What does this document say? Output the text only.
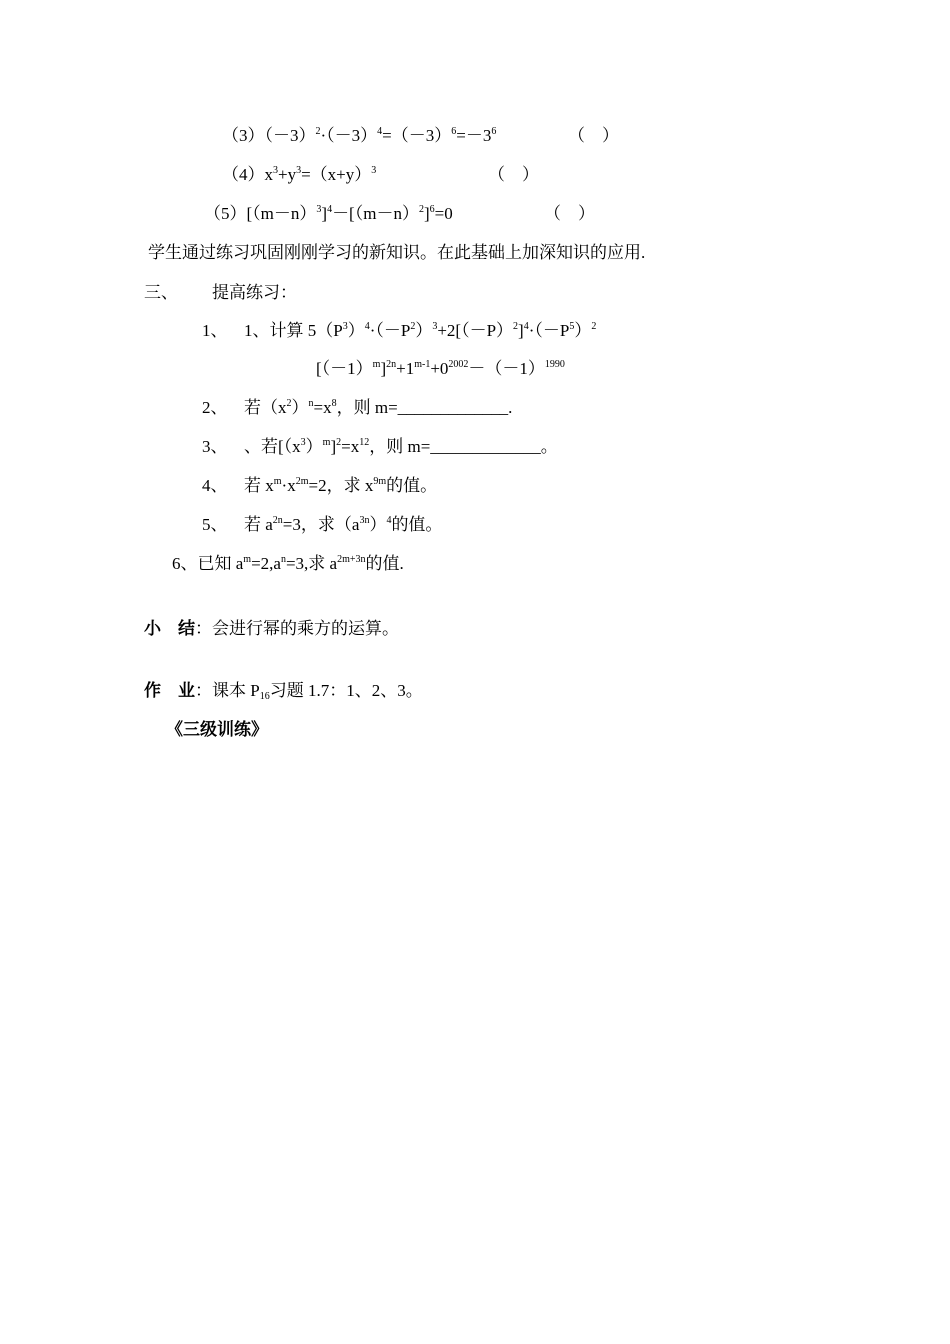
$(3)(-3)^2\cdot(-3)^4=(-3)^6=-3^6$	（　）
$(4)x^3+y^3=(x+y)^3$	（　）
$(5)[(m-n)^3]^4-[(m-n)^2]^6=0$	（　）
学生通过练习巩固刚刚学习的新知识。在此基础上加深知识的应用.
三、 提高练习：
1、 1、计算 $5(P^3)^4\cdot(-P^2)^3+2[(-P)^2]^4\cdot(-P^5)^2$
$[(-1)^m]^{2n}+1^{m-1}+0^{2002}-(-1)^{1990}$
2、 若$(x^2)^n=x^8$，则 m=_____________.
3、 、若$[(x^3)^m]^2=x^{12}$，则 m=_____________。
4、 若 $x^m\cdot x^{2m}=2$，求 $x^{9m}$的值。
5、 若 $a^{2n}=3$，求$(a^{3n})^4$的值。
6、已知 $a^m=2,a^n=3$,求 $a^{2m+3n}$的值.
小　结：会进行幂的乘方的运算。
作　业：课本 $P_{16}$习题 1.7：1、2、3。
《三级训练》
